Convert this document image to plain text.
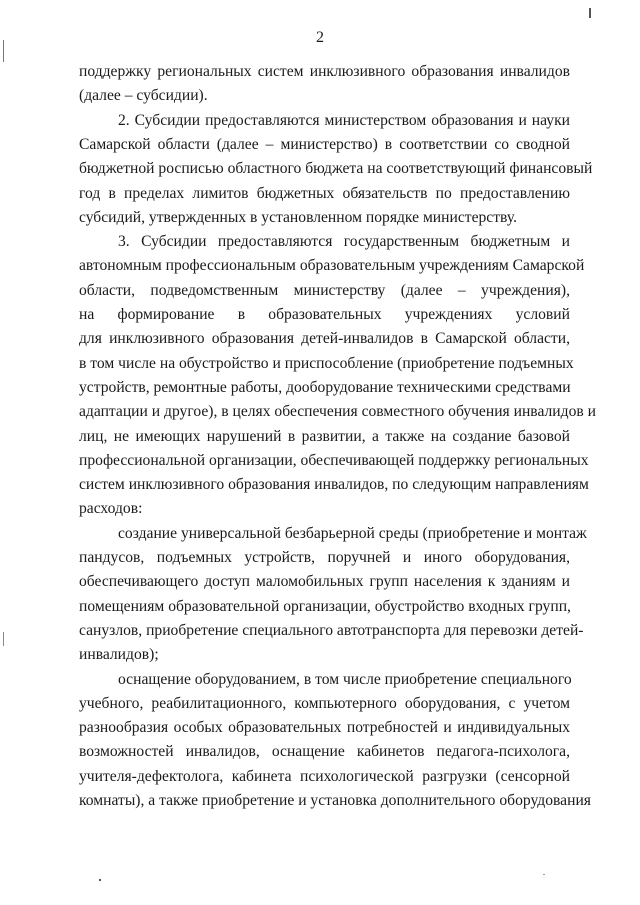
2
поддержку региональных систем инклюзивного образования инвалидов
(далее – субсидии).
2. Субсидии предоставляются министерством образования и науки
Самарской области (далее – министерство) в соответствии со сводной
бюджетной росписью областного бюджета на соответствующий финансовый
год в пределах лимитов бюджетных обязательств по предоставлению
субсидий, утвержденных в установленном порядке министерству.
3. Субсидии предоставляются государственным бюджетным и
автономным профессиональным образовательным учреждениям Самарской
области, подведомственным министерству (далее – учреждения),
на формирование в образовательных учреждениях условий
для инклюзивного образования детей-инвалидов в Самарской области,
в том числе на обустройство и приспособление (приобретение подъемных
устройств, ремонтные работы, дооборудование техническими средствами
адаптации и другое), в целях обеспечения совместного обучения инвалидов и
лиц, не имеющих нарушений в развитии, а также на создание базовой
профессиональной организации, обеспечивающей поддержку региональных
систем инклюзивного образования инвалидов, по следующим направлениям
расходов:
создание универсальной безбарьерной среды (приобретение и монтаж
пандусов, подъемных устройств, поручней и иного оборудования,
обеспечивающего доступ маломобильных групп населения к зданиям и
помещениям образовательной организации, обустройство входных групп,
санузлов, приобретение специального автотранспорта для перевозки детей-
инвалидов);
оснащение оборудованием, в том числе приобретение специального
учебного, реабилитационного, компьютерного оборудования, с учетом
разнообразия особых образовательных потребностей и индивидуальных
возможностей инвалидов, оснащение кабинетов педагога-психолога,
учителя-дефектолога, кабинета психологической разгрузки (сенсорной
комнаты), а также приобретение и установка дополнительного оборудования
